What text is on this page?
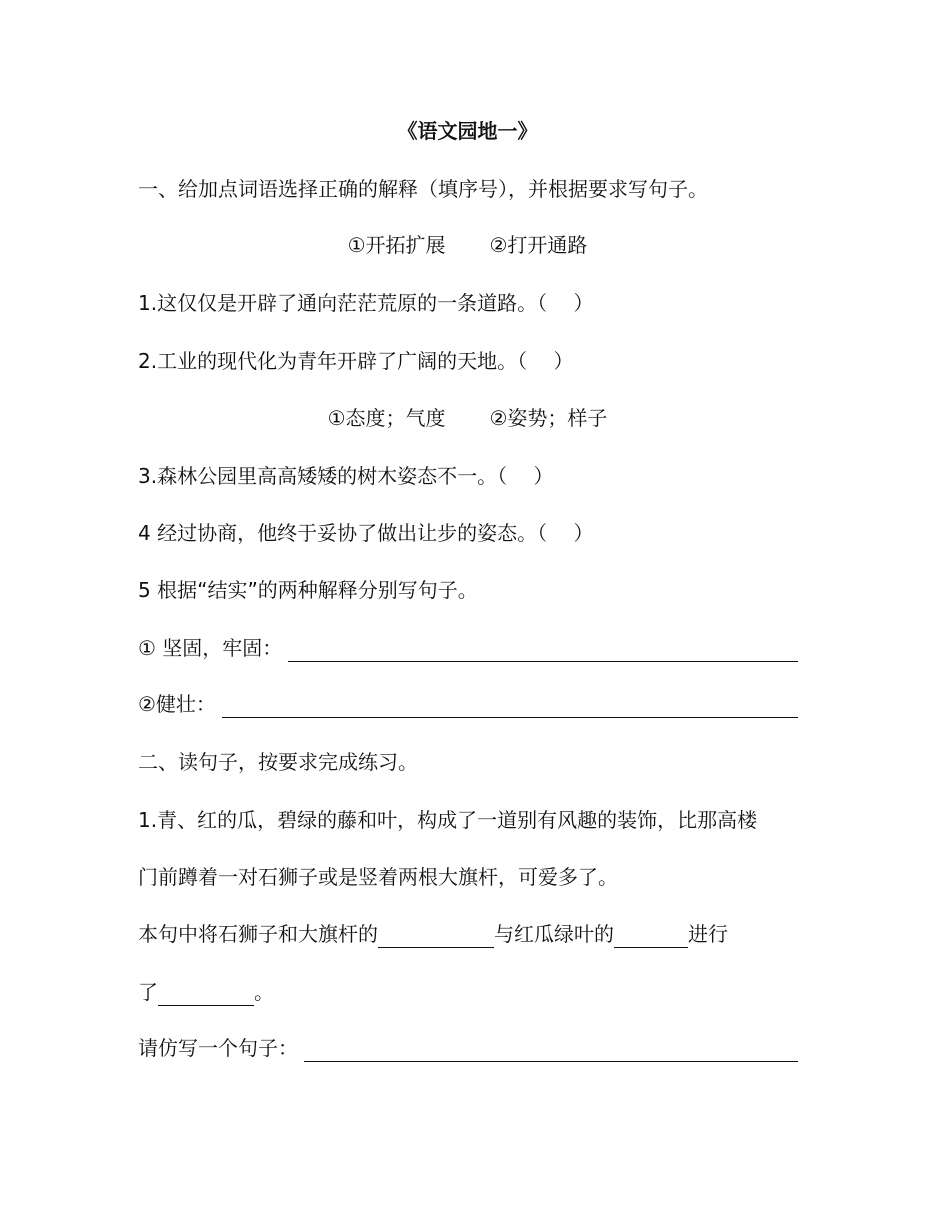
《语文园地一》
一、给加点词语选择正确的解释（填序号），并根据要求写句子。
①开拓扩展 ②打开通路
1.这仅仅是开辟了通向茫茫荒原的一条道路。（　 ）
2.工业的现代化为青年开辟了广阔的天地。（　 ）
①态度；气度 ②姿势；样子
3.森林公园里高高矮矮的树木姿态不一。（　 ）
4 经过协商，他终于妥协了做出让步的姿态。（　 ）
5 根据“结实”的两种解释分别写句子。
① 坚固，牢固：
②健壮：
二、读句子，按要求完成练习。
1.青、红的瓜，碧绿的藤和叶，构成了一道别有风趣的装饰，比那高楼
门前蹲着一对石狮子或是竖着两根大旗杆，可爱多了。
本句中将石狮子和大旗杆的	与红瓜绿叶的	进行
了	。
请仿写一个句子：
